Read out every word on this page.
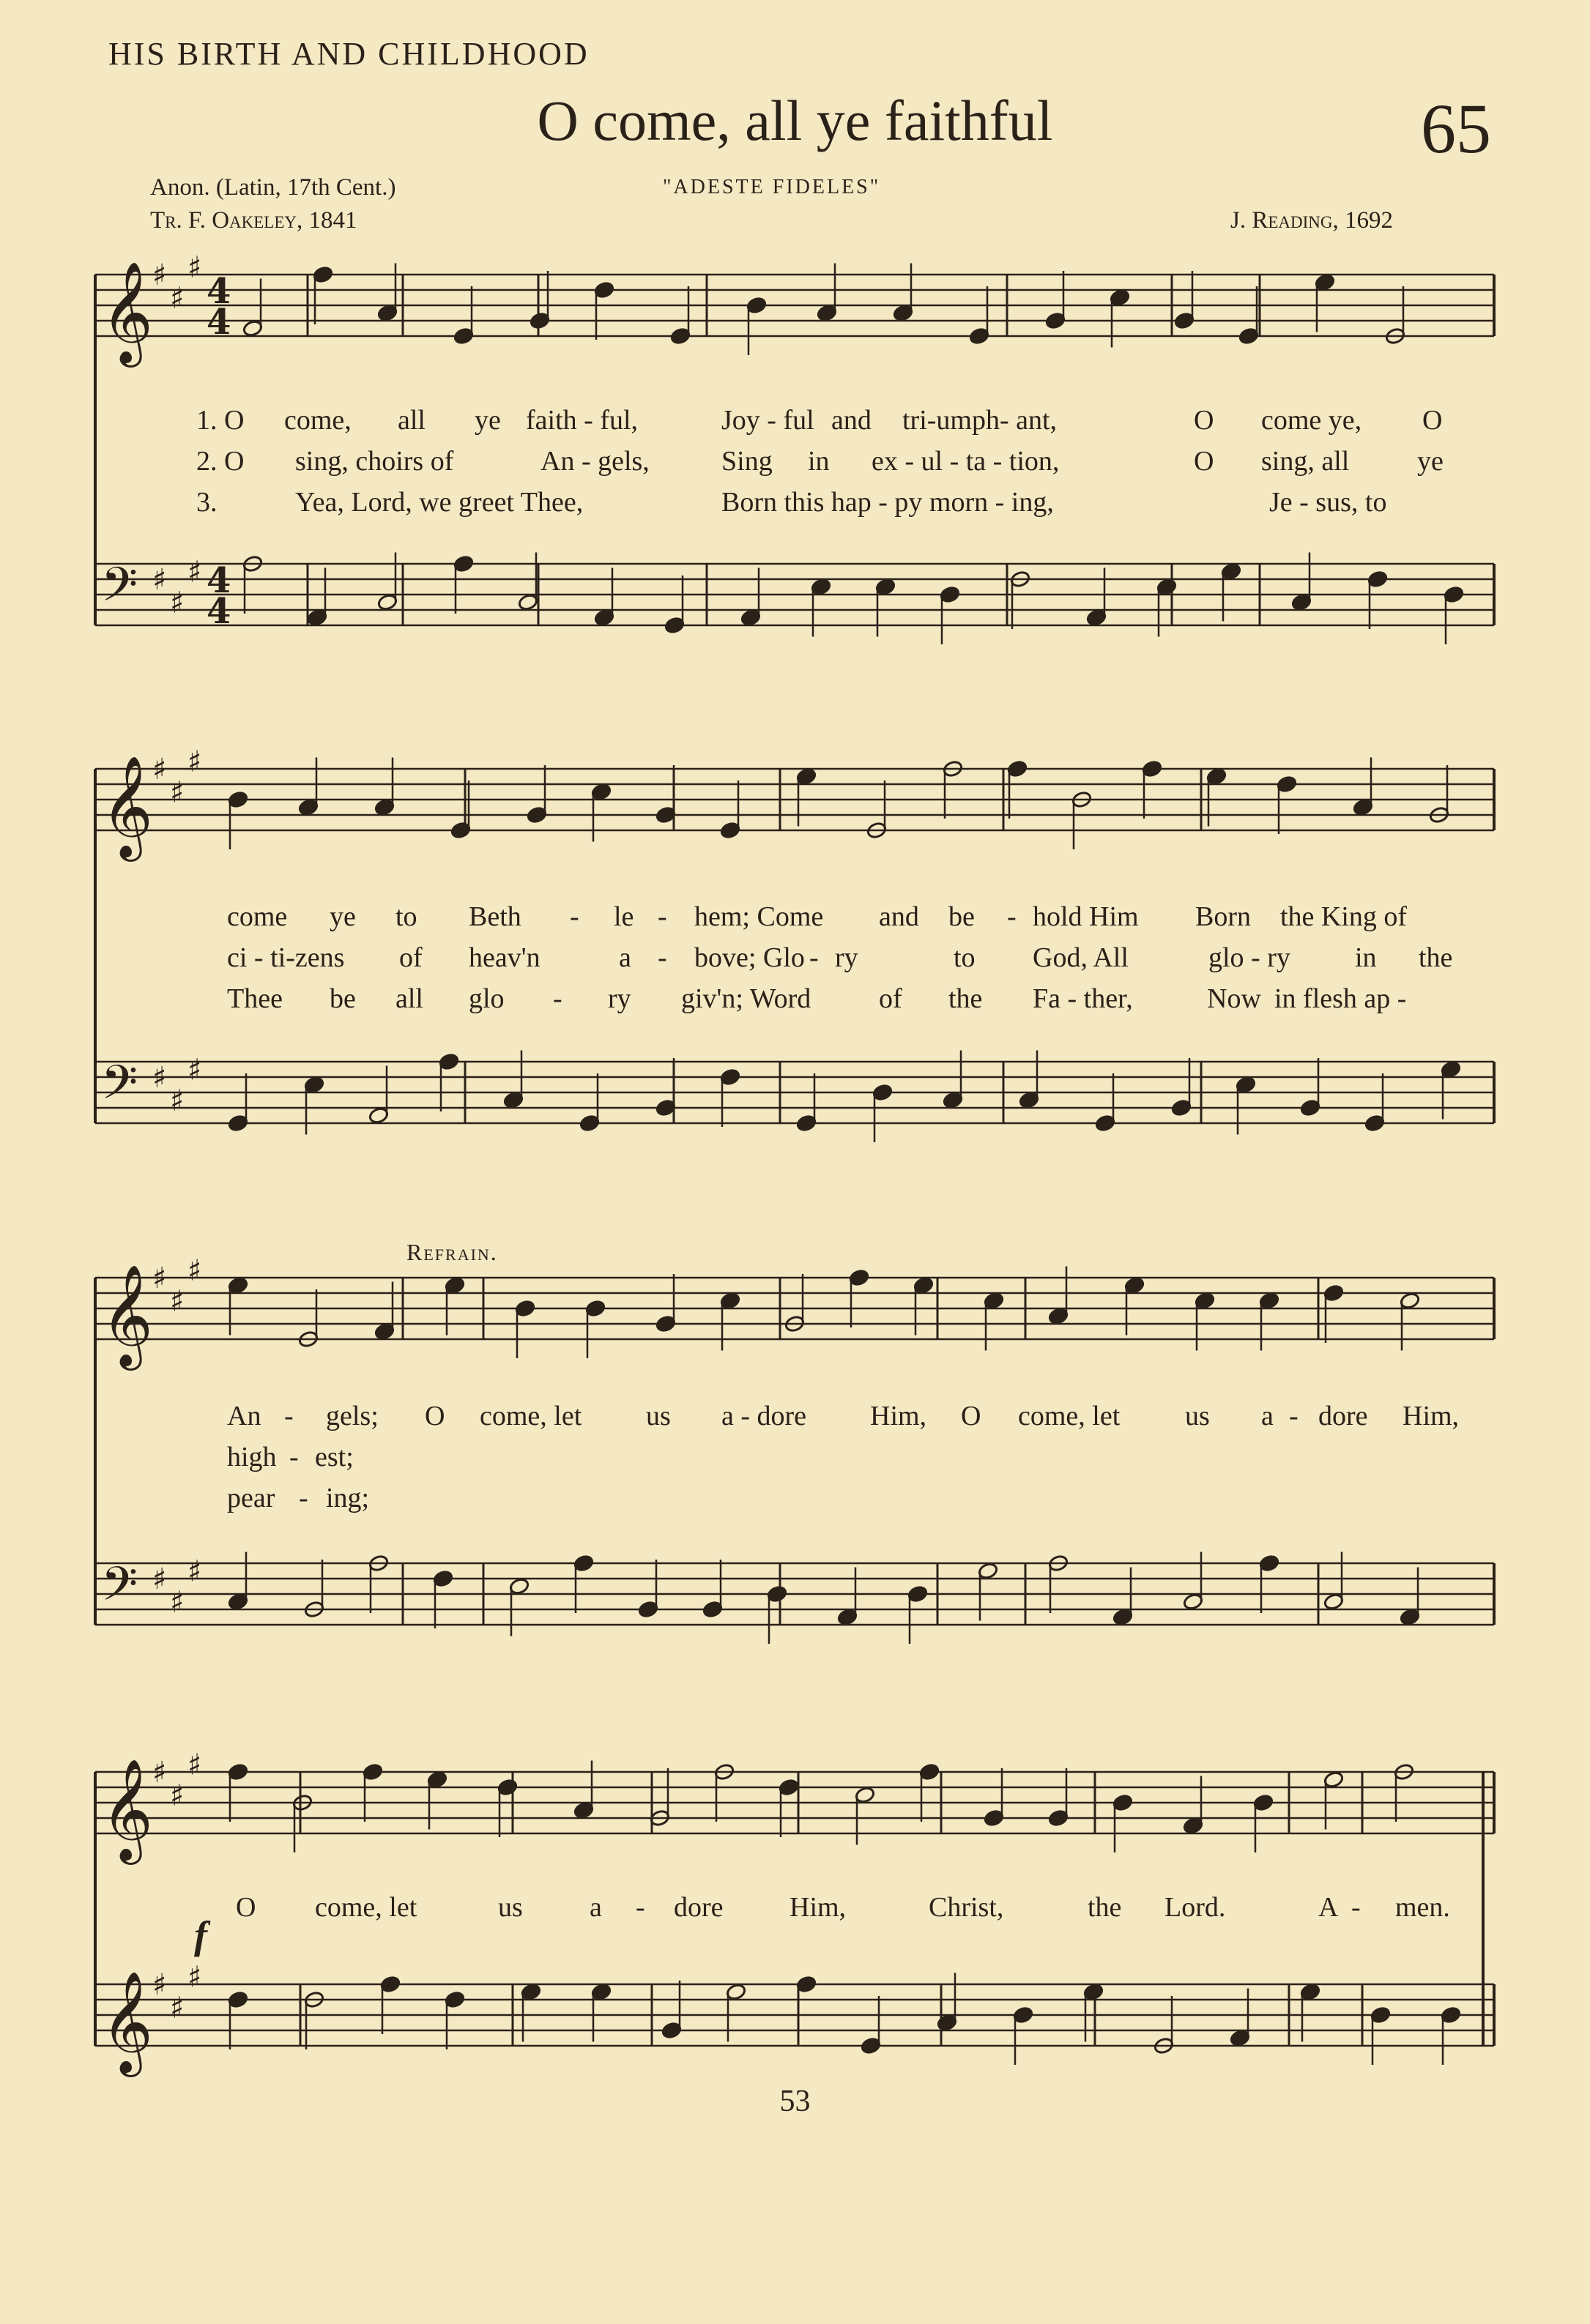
HIS BIRTH AND CHILDHOOD
O come, all ye faithful	65
Anon. (Latin, 17th Cent.)
Tr. F. Oakeley, 1841
"ADESTE FIDELES"
J. Reading, 1692
Refrain.
53
𝄞 ♯
♯
♯
4
4
𝄢 ♯
♯
♯ 4
4
𝄞 ♯
♯
♯
𝄢 ♯
♯
♯
𝄞 ♯
♯
♯
𝄢 ♯
♯
♯
𝄞 ♯
♯
♯
𝄞 ♯
♯
♯
1. O come, all ye faith - ful,	Joy - ful and tri-umph- ant,	O come ye, O
2. O sing, choirs of	An - gels,	Sing in ex - ul - ta - tion,	O sing, all ye
3.	Yea, Lord, we greet Thee,	Born this hap - py morn - ing,	Je - sus, to
come ye to Beth - le - hem; Come and be - hold Him Born the King of
ci - ti-zens of heav'n	a - bove; Glo - ry	to God, All	glo - ry in the
Thee be all glo - ry giv'n; Word of the Fa - ther,	Now in flesh ap -
An - gels; O come, let us a - dore Him, O come, let us a - dore Him,
high - est;
pear - ing;
O come, let	us a - dore Him,	Christ,	the Lord.	A - men.
f
